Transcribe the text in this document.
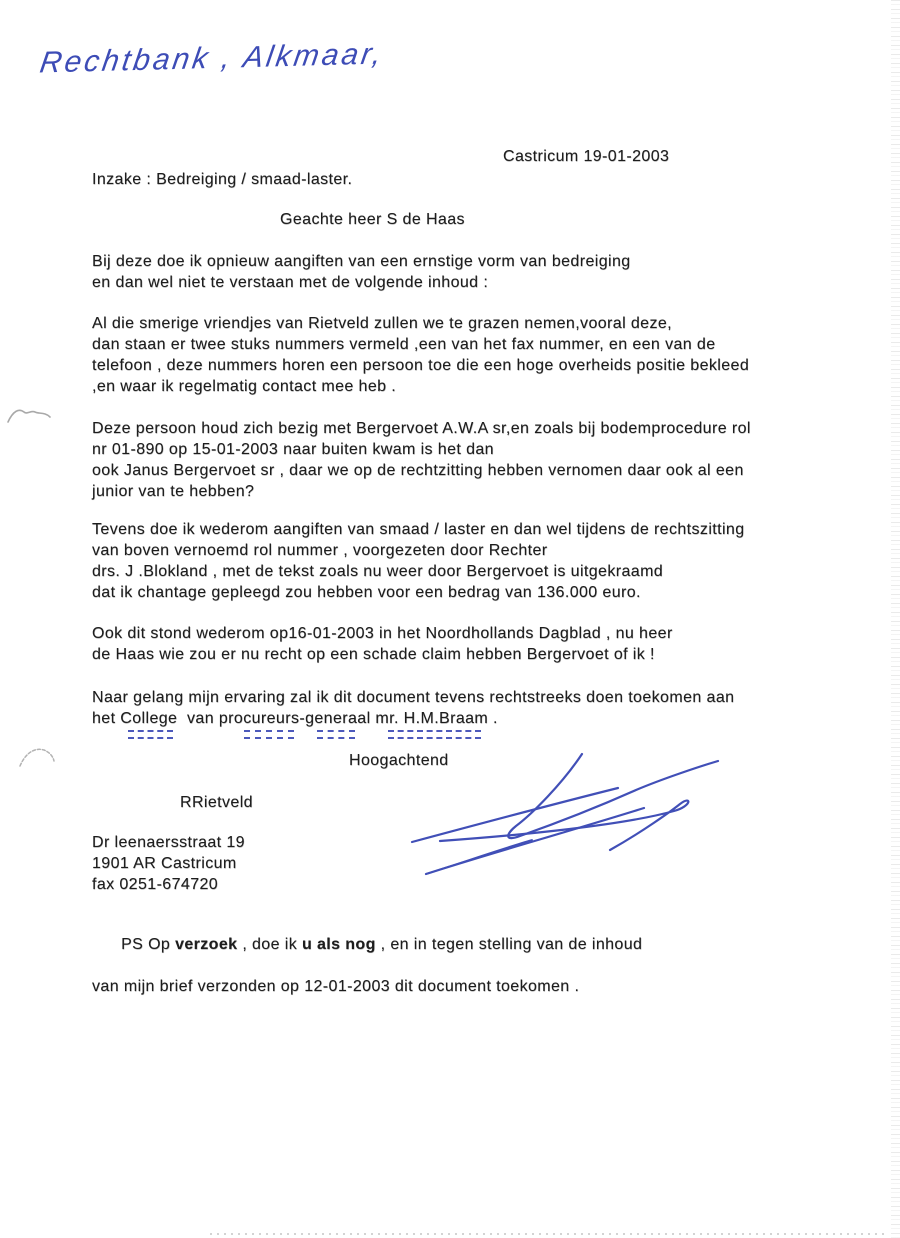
Rechtbank , Alkmaar,
Castricum 19-01-2003
Inzake : Bedreiging / smaad-laster.
Geachte heer S de Haas
Bij deze doe ik opnieuw aangiften van een ernstige vorm van bedreiging
en dan wel niet te verstaan met de volgende inhoud :
Al die smerige vriendjes van Rietveld zullen we te grazen nemen,vooral deze,
dan staan er twee stuks nummers vermeld ,een van het fax nummer, en een van de
telefoon , deze nummers horen een persoon toe die een hoge overheids positie bekleed
,en waar ik regelmatig contact mee heb .
Deze persoon houd zich bezig met Bergervoet A.W.A sr,en zoals bij bodemprocedure rol
nr 01-890 op 15-01-2003 naar buiten kwam is het dan
ook Janus Bergervoet sr , daar we op de rechtzitting hebben vernomen daar ook al een
junior van te hebben?
Tevens doe ik wederom aangiften van smaad / laster en dan wel tijdens de rechtszitting
van boven vernoemd rol nummer , voorgezeten door Rechter
drs. J .Blokland , met de tekst zoals nu weer door Bergervoet is uitgekraamd
dat ik chantage gepleegd zou hebben voor een bedrag van 136.000 euro.
Ook dit stond wederom op16-01-2003 in het Noordhollands Dagblad , nu heer
de Haas wie zou er nu recht op een schade claim hebben Bergervoet of ik !
Naar gelang mijn ervaring zal ik dit document tevens rechtstreeks doen toekomen aan
het College  van procureurs-generaal mr. H.M.Braam .
Hoogachtend
RRietveld
Dr leenaersstraat 19
1901 AR Castricum
fax 0251-674720

PS Op verzoek , doe ik u als nog , en in tegen stelling van de inhoud

van mijn brief verzonden op 12-01-2003 dit document toekomen .
